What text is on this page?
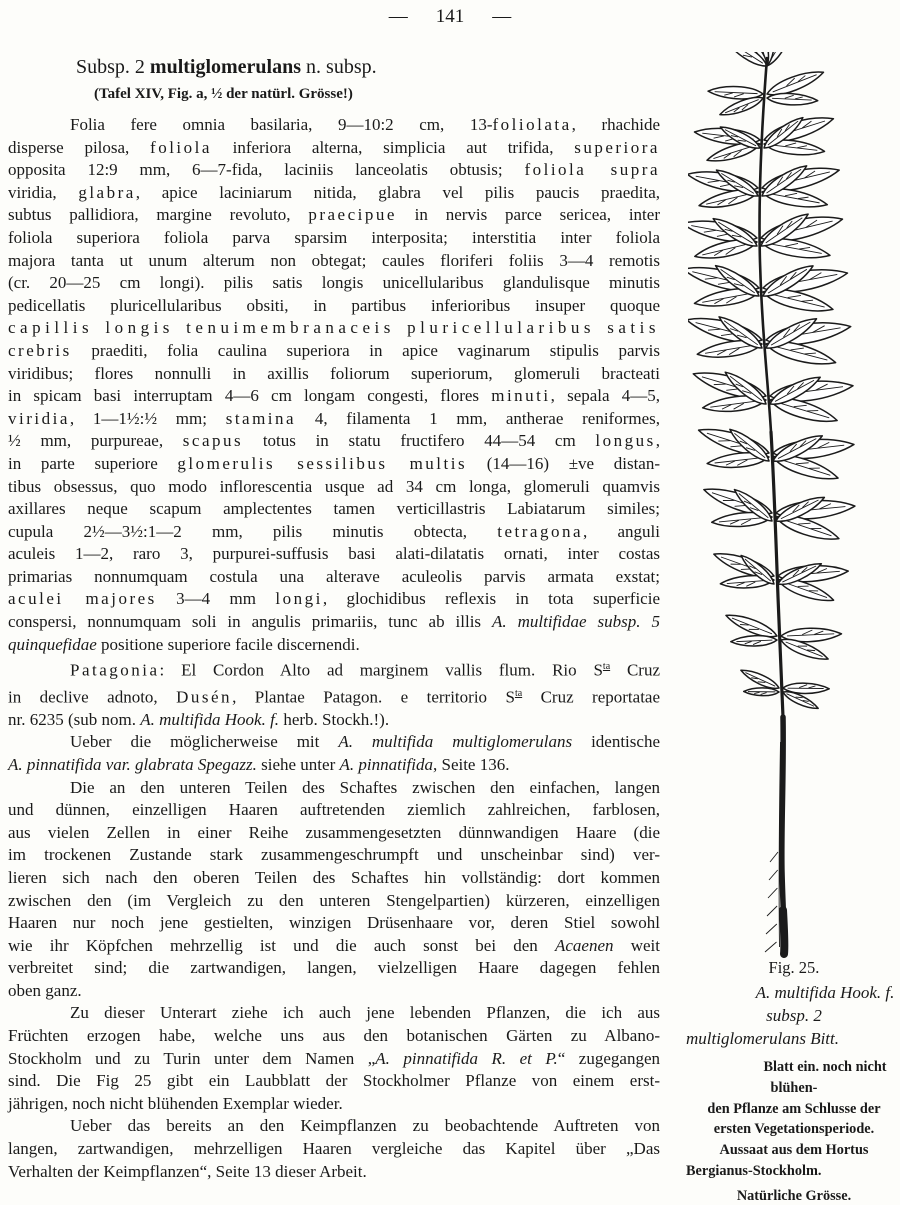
— 141 —
Subsp. 2 multiglomerulans n. subsp.
(Tafel XIV, Fig. a, ½ der natürl. Grösse!)
Folia fere omnia basilaria, 9—10:2 cm, 13-foliolata, rhachide
disperse pilosa, foliola inferiora alterna, simplicia aut trifida, superiora
opposita 12:9 mm, 6—7-fida, laciniis lanceolatis obtusis; foliola supra
viridia, glabra, apice laciniarum nitida, glabra vel pilis paucis praedita,
subtus pallidiora, margine revoluto, praecipue in nervis parce sericea, inter
foliola superiora foliola parva sparsim interposita; interstitia inter foliola
majora tanta ut unum alterum non obtegat; caules floriferi foliis 3—4 remotis
(cr. 20—25 cm longi). pilis satis longis unicellularibus glandulisque minutis
pedicellatis pluricellularibus obsiti, in partibus inferioribus insuper quoque
capillis longis tenuimembranaceis pluricellularibus satis
crebris praediti, folia caulina superiora in apice vaginarum stipulis parvis
viridibus; flores nonnulli in axillis foliorum superiorum, glomeruli bracteati
in spicam basi interruptam 4—6 cm longam congesti, flores minuti, sepala 4—5,
viridia, 1—1½:½ mm; stamina 4, filamenta 1 mm, antherae reniformes,
½ mm, purpureae, scapus totus in statu fructifero 44—54 cm longus,
in parte superiore glomerulis sessilibus multis (14—16) ±ve distan-
tibus obsessus, quo modo inflorescentia usque ad 34 cm longa, glomeruli quamvis
axillares neque scapum amplectentes tamen verticillastris Labiatarum similes;
cupula 2½—3½:1—2 mm, pilis minutis obtecta, tetragona, anguli
aculeis 1—2, raro 3, purpurei-suffusis basi alati-dilatatis ornati, inter costas
primarias nonnumquam costula una alterave aculeolis parvis armata exstat;
aculei majores 3—4 mm longi, glochidibus reflexis in tota superficie
conspersi, nonnumquam soli in angulis primariis, tunc ab illis A. multifidae subsp. 5
quinquefidae positione superiore facile discernendi.
Patagonia: El Cordon Alto ad marginem vallis flum. Rio $S^{ta}$ Cruz
in declive adnoto, Dusén, Plantae Patagon. e territorio $S^{ta}$ Cruz reportatae
nr. 6235 (sub nom. A. multifida Hook. f. herb. Stockh.!).
Ueber die möglicherweise mit A. multifida multiglomerulans identische
A. pinnatifida var. glabrata Spegazz. siehe unter A. pinnatifida, Seite 136.
Die an den unteren Teilen des Schaftes zwischen den einfachen, langen
und dünnen, einzelligen Haaren auftretenden ziemlich zahlreichen, farblosen,
aus vielen Zellen in einer Reihe zusammengesetzten dünnwandigen Haare (die
im trockenen Zustande stark zusammengeschrumpft und unscheinbar sind) ver-
lieren sich nach den oberen Teilen des Schaftes hin vollständig: dort kommen
zwischen den (im Vergleich zu den unteren Stengelpartien) kürzeren, einzelligen
Haaren nur noch jene gestielten, winzigen Drüsenhaare vor, deren Stiel sowohl
wie ihr Köpfchen mehrzellig ist und die auch sonst bei den Acaenen weit
verbreitet sind; die zartwandigen, langen, vielzelligen Haare dagegen fehlen
oben ganz.
Zu dieser Unterart ziehe ich auch jene lebenden Pflanzen, die ich aus
Früchten erzogen habe, welche uns aus den botanischen Gärten zu Albano-
Stockholm und zu Turin unter dem Namen „A. pinnatifida R. et P.“ zugegangen
sind. Die Fig 25 gibt ein Laubblatt der Stockholmer Pflanze von einem erst-
jährigen, noch nicht blühenden Exemplar wieder.
Ueber das bereits an den Keimpflanzen zu beobachtende Auftreten von
langen, zartwandigen, mehrzelligen Haaren vergleiche das Kapitel über „Das
Verhalten der Keimpflanzen“, Seite 13 dieser Arbeit.
Fig. 25.
A. multifida Hook. f.
subsp. 2
multiglomerulans Bitt.
Blatt ein. noch nicht blühen-
den Pflanze am Schlusse der
ersten Vegetationsperiode.
Aussaat aus dem Hortus
Bergianus-Stockholm.
Natürliche Grösse.
